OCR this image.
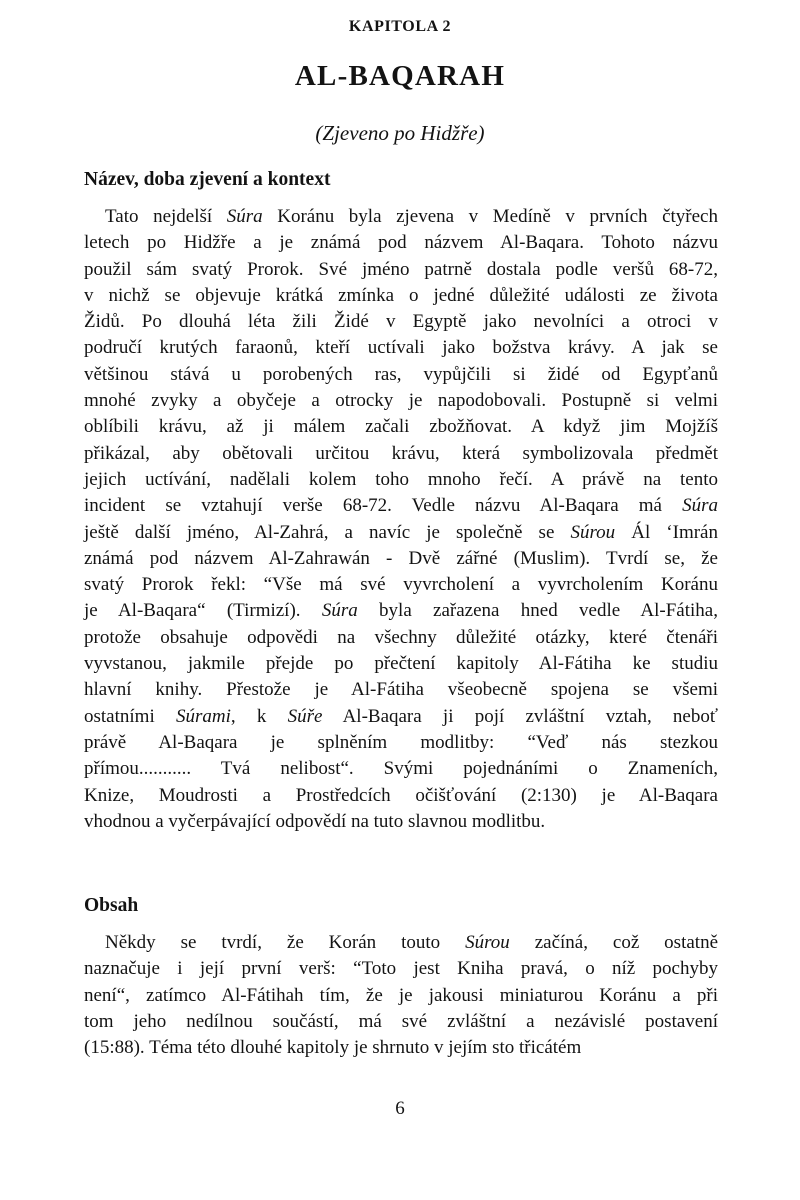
KAPITOLA 2
AL-BAQARAH
(Zjeveno po Hidžře)
Název, doba zjevení a kontext
Tato nejdelší Súra Koránu byla zjevena v Medíně v prvních čtyřech
letech po Hidžře a je známá pod názvem Al-Baqara. Tohoto názvu
použil sám svatý Prorok. Své jméno patrně dostala podle veršů 68-72,
v nichž se objevuje krátká zmínka o jedné důležité události ze života
Židů. Po dlouhá léta žili Židé v Egyptě jako nevolníci a otroci v
područí krutých faraonů, kteří uctívali jako božstva krávy. A jak se
většinou stává u porobených ras, vypůjčili si židé od Egypťanů
mnohé zvyky a obyčeje a otrocky je napodobovali. Postupně si velmi
oblíbili krávu, až ji málem začali zbožňovat. A když jim Mojžíš
přikázal, aby obětovali určitou krávu, která symbolizovala předmět
jejich uctívání, nadělali kolem toho mnoho řečí. A právě na tento
incident se vztahují verše 68-72. Vedle názvu Al-Baqara má Súra
ještě další jméno, Al-Zahrá, a navíc je společně se Súrou Ál ‘Imrán
známá pod názvem Al-Zahrawán - Dvě zářné (Muslim). Tvrdí se, že
svatý Prorok řekl: “Vše má své vyvrcholení a vyvrcholením Koránu
je Al-Baqara“ (Tirmizí). Súra byla zařazena hned vedle Al-Fátiha,
protože obsahuje odpovědi na všechny důležité otázky, které čtenáři
vyvstanou, jakmile přejde po přečtení kapitoly Al-Fátiha ke studiu
hlavní knihy. Přestože je Al-Fátiha všeobecně spojena se všemi
ostatními Súrami, k Súře Al-Baqara ji pojí zvláštní vztah, neboť
právě Al-Baqara je splněním modlitby: “Veď nás stezkou
přímou........... Tvá nelibost“. Svými pojednáními o Znameních,
Knize, Moudrosti a Prostředcích očišťování (2:130) je Al-Baqara
vhodnou a vyčerpávající odpovědí na tuto slavnou modlitbu.
Obsah
Někdy se tvrdí, že Korán touto Súrou začíná, což ostatně
naznačuje i její první verš: “Toto jest Kniha pravá, o níž pochyby
není“, zatímco Al-Fátihah tím, že je jakousi miniaturou Koránu a při
tom jeho nedílnou součástí, má své zvláštní a nezávislé postavení
(15:88). Téma této dlouhé kapitoly je shrnuto v jejím sto třicátém
6
